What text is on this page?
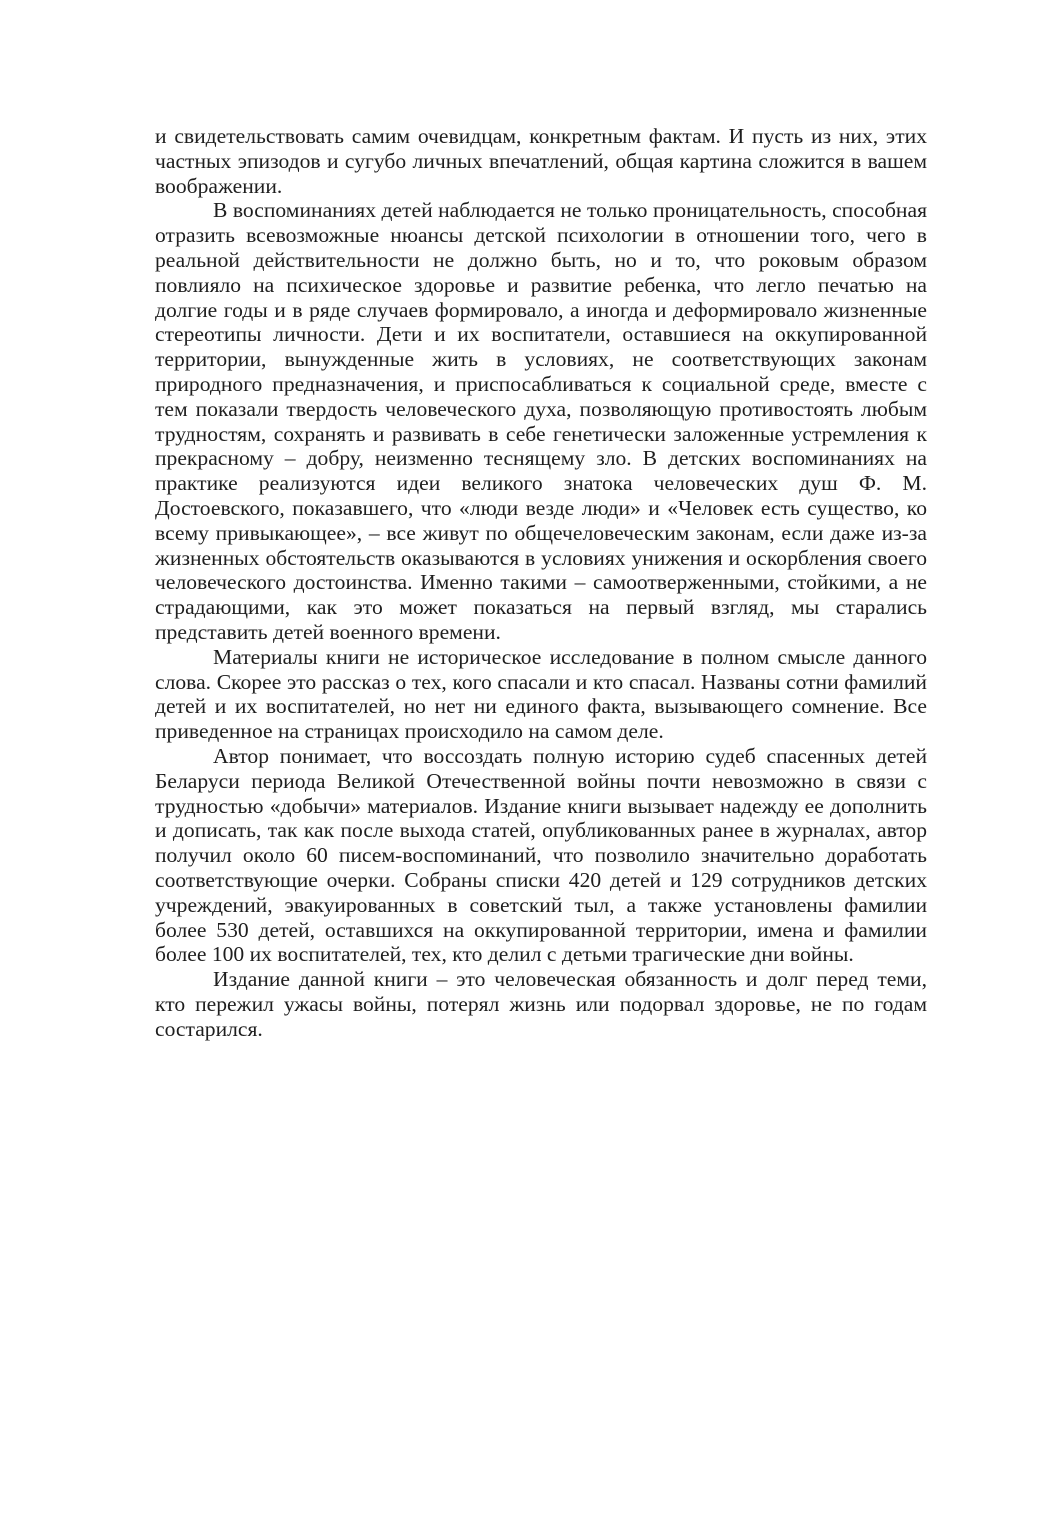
и свидетельствовать самим очевидцам, конкретным фактам. И пусть из них, этих частных эпизодов и сугубо личных впечатлений, общая картина сложится в вашем воображении.

В воспоминаниях детей наблюдается не только проницательность, способная отразить всевозможные нюансы детской психологии в отношении того, чего в реальной действительности не должно быть, но и то, что роковым образом повлияло на психическое здоровье и развитие ребенка, что легло печатью на долгие годы и в ряде случаев формировало, а иногда и деформировало жизненные стереотипы личности. Дети и их воспитатели, оставшиеся на оккупированной территории, вынужденные жить в условиях, не соответствующих законам природного предназначения, и приспосабливаться к социальной среде, вместе с тем показали твердость человеческого духа, позволяющую противостоять любым трудностям, сохранять и развивать в себе генетически заложенные устремления к прекрасному – добру, неизменно теснящему зло. В детских воспоминаниях на практике реализуются идеи великого знатока человеческих душ Ф. М. Достоевского, показавшего, что «люди везде люди» и «Человек есть существо, ко всему привыкающее», – все живут по общечеловеческим законам, если даже из-за жизненных обстоятельств оказываются в условиях унижения и оскорбления своего человеческого достоинства. Именно такими – самоотверженными, стойкими, а не страдающими, как это может показаться на первый взгляд, мы старались представить детей военного времени.

Материалы книги не историческое исследование в полном смысле данного слова. Скорее это рассказ о тех, кого спасали и кто спасал. Названы сотни фамилий детей и их воспитателей, но нет ни единого факта, вызывающего сомнение. Все приведенное на страницах происходило на самом деле.

Автор понимает, что воссоздать полную историю судеб спасенных детей Беларуси периода Великой Отечественной войны почти невозможно в связи с трудностью «добычи» материалов. Издание книги вызывает надежду ее дополнить и дописать, так как после выхода статей, опубликованных ранее в журналах, автор получил около 60 писем-воспоминаний, что позволило значительно доработать соответствующие очерки. Собраны списки 420 детей и 129 сотрудников детских учреждений, эвакуированных в советский тыл, а также установлены фамилии более 530 детей, оставшихся на оккупированной территории, имена и фамилии более 100 их воспитателей, тех, кто делил с детьми трагические дни войны.

Издание данной книги – это человеческая обязанность и долг перед теми, кто пережил ужасы войны, потерял жизнь или подорвал здоровье, не по годам состарился.
